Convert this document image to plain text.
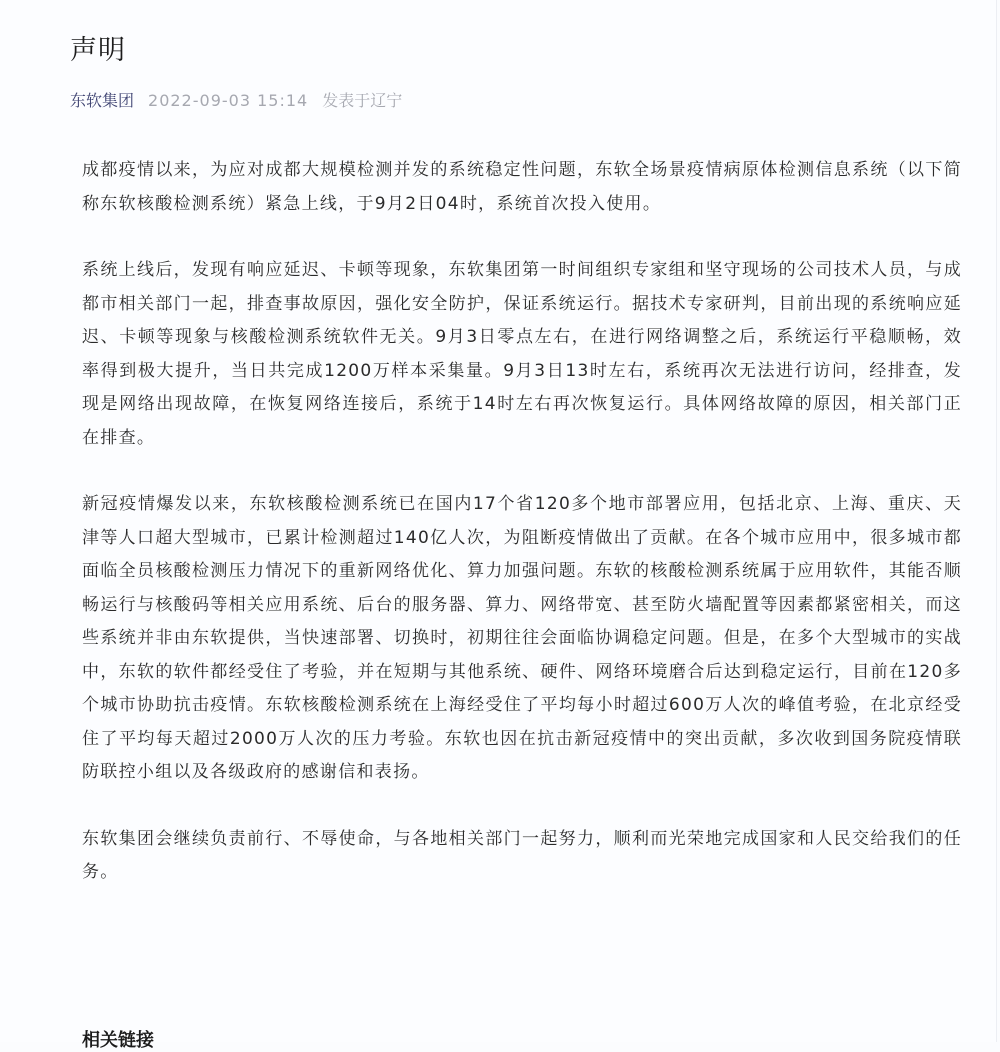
声明
东软集团 2022-09-03 15:14 发表于辽宁

成都疫情以来，为应对成都大规模检测并发的系统稳定性问题，东软全场景疫情病原体检测信息系统（以下简称东软核酸检测系统）紧急上线，于9月2日04时，系统首次投入使用。

系统上线后，发现有响应延迟、卡顿等现象，东软集团第一时间组织专家组和坚守现场的公司技术人员，与成都市相关部门一起，排查事故原因，强化安全防护，保证系统运行。据技术专家研判，目前出现的系统响应延迟、卡顿等现象与核酸检测系统软件无关。9月3日零点左右，在进行网络调整之后，系统运行平稳顺畅，效率得到极大提升，当日共完成1200万样本采集量。9月3日13时左右，系统再次无法进行访问，经排查，发现是网络出现故障，在恢复网络连接后，系统于14时左右再次恢复运行。具体网络故障的原因，相关部门正在排查。

新冠疫情爆发以来，东软核酸检测系统已在国内17个省120多个地市部署应用，包括北京、上海、重庆、天津等人口超大型城市，已累计检测超过140亿人次，为阻断疫情做出了贡献。在各个城市应用中，很多城市都面临全员核酸检测压力情况下的重新网络优化、算力加强问题。东软的核酸检测系统属于应用软件，其能否顺畅运行与核酸码等相关应用系统、后台的服务器、算力、网络带宽、甚至防火墙配置等因素都紧密相关，而这些系统并非由东软提供，当快速部署、切换时，初期往往会面临协调稳定问题。但是，在多个大型城市的实战中，东软的软件都经受住了考验，并在短期与其他系统、硬件、网络环境磨合后达到稳定运行，目前在120多个城市协助抗击疫情。东软核酸检测系统在上海经受住了平均每小时超过600万人次的峰值考验，在北京经受住了平均每天超过2000万人次的压力考验。东软也因在抗击新冠疫情中的突出贡献，多次收到国务院疫情联防联控小组以及各级政府的感谢信和表扬。

东软集团会继续负责前行、不辱使命，与各地相关部门一起努力，顺利而光荣地完成国家和人民交给我们的任务。

相关链接
